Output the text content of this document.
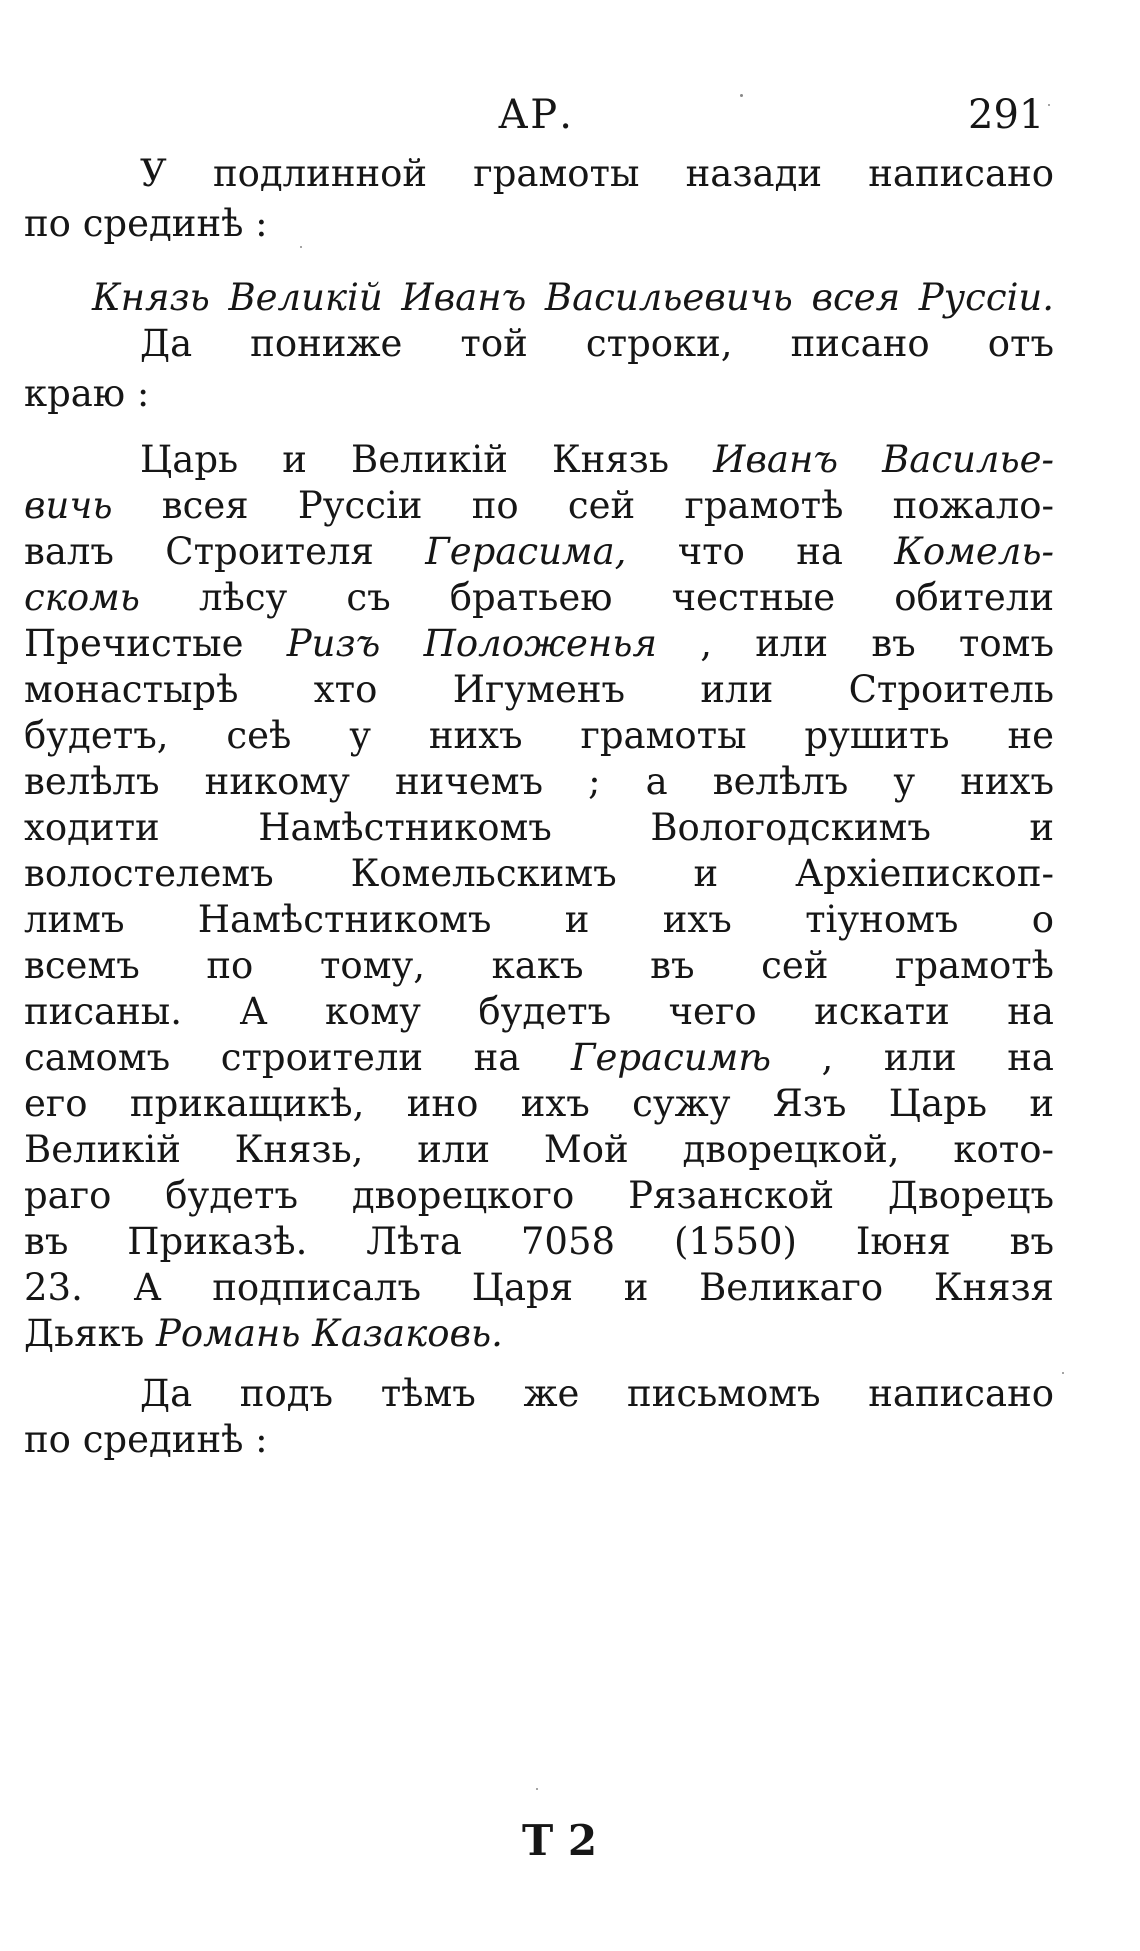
АР.	291
У подлинной грамоты назади написано
по срединѣ :
Князь Великій Иванъ Васильевичь всея Руссіи.
Да пониже той строки, писано отъ
краю :
Царь и Великій Князь Иванъ Василье-
вичь всея Руссіи по сей грамотѣ пожало-
валъ Строителя Герасима, что на Комель-
скомь лѣсу съ братьею честные обители
Пречистые Ризъ Положенья , или въ томъ
монастырѣ хто Игуменъ или Строитель
будетъ, сеѣ у нихъ грамоты рушить не
велѣлъ никому ничемъ ; а велѣлъ у нихъ
ходити Намѣстникомъ Вологодскимъ и
волостелемъ Комельскимъ и Архіепископ-
лимъ Намѣстникомъ и ихъ тіуномъ о
всемъ по тому, какъ въ сей грамотѣ
писаны. А кому будетъ чего искати на
самомъ строители на Герасимѣ , или на
его прикащикѣ, ино ихъ сужу Язъ Царь и
Великій Князь, или Мой дворецкой, кото-
раго будетъ дворецкого Рязанской Дворецъ
въ Приказѣ. Лѣта 7058 (1550) Іюня въ
23. А подписалъ Царя и Великаго Князя
Дьякъ Романь Казаковь.
Да подъ тѣмъ же письмомъ написано
по срединѣ :
Т 2
